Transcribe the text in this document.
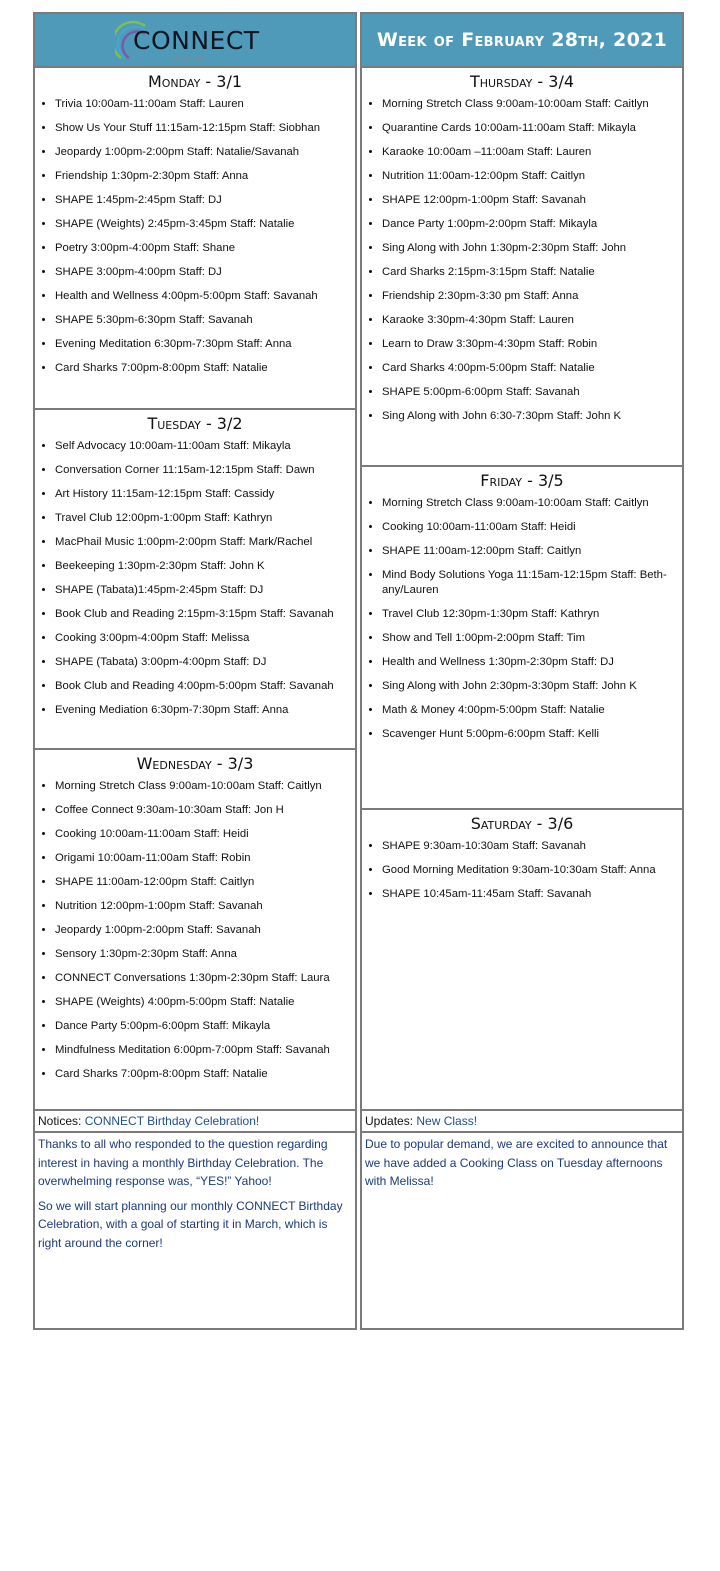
CONNECT
by fraser
Monday - 3/1
• Trivia 10:00am-11:00am Staff: Lauren
• Show Us Your Stuff 11:15am-12:15pm Staff: Siobhan
• Jeopardy 1:00pm-2:00pm Staff: Natalie/Savanah
• Friendship 1:30pm-2:30pm Staff: Anna
• SHAPE 1:45pm-2:45pm Staff: DJ
• SHAPE (Weights) 2:45pm-3:45pm Staff: Natalie
• Poetry 3:00pm-4:00pm Staff: Shane
• SHAPE 3:00pm-4:00pm Staff: DJ
• Health and Wellness 4:00pm-5:00pm Staff: Savanah
• SHAPE 5:30pm-6:30pm Staff: Savanah
• Evening Meditation 6:30pm-7:30pm Staff: Anna
• Card Sharks 7:00pm-8:00pm Staff: Natalie
Tuesday - 3/2
• Self Advocacy 10:00am-11:00am Staff: Mikayla
• Conversation Corner 11:15am-12:15pm Staff: Dawn
• Art History 11:15am-12:15pm Staff: Cassidy
• Travel Club 12:00pm-1:00pm Staff: Kathryn
• MacPhail Music 1:00pm-2:00pm Staff: Mark/Rachel
• Beekeeping 1:30pm-2:30pm Staff: John K
• SHAPE (Tabata)1:45pm-2:45pm Staff: DJ
• Book Club and Reading 2:15pm-3:15pm Staff: Savanah
• Cooking 3:00pm-4:00pm Staff: Melissa
• SHAPE (Tabata) 3:00pm-4:00pm Staff: DJ
• Book Club and Reading 4:00pm-5:00pm Staff: Savanah
• Evening Mediation 6:30pm-7:30pm Staff: Anna
Wednesday - 3/3
• Morning Stretch Class 9:00am-10:00am Staff: Caitlyn
• Coffee Connect 9:30am-10:30am Staff: Jon H
• Cooking 10:00am-11:00am Staff: Heidi
• Origami 10:00am-11:00am Staff: Robin
• SHAPE 11:00am-12:00pm Staff: Caitlyn
• Nutrition 12:00pm-1:00pm Staff: Savanah
• Jeopardy 1:00pm-2:00pm Staff: Savanah
• Sensory 1:30pm-2:30pm Staff: Anna
• CONNECT Conversations 1:30pm-2:30pm Staff: Laura
• SHAPE (Weights) 4:00pm-5:00pm Staff: Natalie
• Dance Party 5:00pm-6:00pm Staff: Mikayla
• Mindfulness Meditation 6:00pm-7:00pm Staff: Savanah
• Card Sharks 7:00pm-8:00pm Staff: Natalie
Notices: CONNECT Birthday Celebration!

Thanks to all who responded to the question regarding interest in having a monthly Birthday Celebration. The overwhelming response was, “YES!” Yahoo!

So we will start planning our monthly CONNECT Birthday Celebration, with a goal of starting it in March, which is right around the corner!

Week of February 28th, 2021
Thursday - 3/4
• Morning Stretch Class 9:00am-10:00am Staff: Caitlyn
• Quarantine Cards 10:00am-11:00am Staff: Mikayla
• Karaoke 10:00am –11:00am Staff: Lauren
• Nutrition 11:00am-12:00pm Staff: Caitlyn
• SHAPE 12:00pm-1:00pm Staff: Savanah
• Dance Party 1:00pm-2:00pm Staff: Mikayla
• Sing Along with John 1:30pm-2:30pm Staff: John
• Card Sharks 2:15pm-3:15pm Staff: Natalie
• Friendship 2:30pm-3:30 pm Staff: Anna
• Karaoke 3:30pm-4:30pm Staff: Lauren
• Learn to Draw 3:30pm-4:30pm Staff: Robin
• Card Sharks 4:00pm-5:00pm Staff: Natalie
• SHAPE 5:00pm-6:00pm Staff: Savanah
• Sing Along with John 6:30-7:30pm Staff: John K
Friday - 3/5
• Morning Stretch Class 9:00am-10:00am Staff: Caitlyn
• Cooking 10:00am-11:00am Staff: Heidi
• SHAPE 11:00am-12:00pm Staff: Caitlyn
• Mind Body Solutions Yoga 11:15am-12:15pm Staff: Beth-any/Lauren
• Travel Club 12:30pm-1:30pm Staff: Kathryn
• Show and Tell 1:00pm-2:00pm Staff: Tim
• Health and Wellness 1:30pm-2:30pm Staff: DJ
• Sing Along with John 2:30pm-3:30pm Staff: John K
• Math & Money 4:00pm-5:00pm Staff: Natalie
• Scavenger Hunt 5:00pm-6:00pm Staff: Kelli
Saturday - 3/6
• SHAPE 9:30am-10:30am Staff: Savanah
• Good Morning Meditation 9:30am-10:30am Staff: Anna
• SHAPE 10:45am-11:45am Staff: Savanah
Updates: New Class!

Due to popular demand, we are excited to announce that we have added a Cooking Class on Tuesday afternoons with Melissa!
